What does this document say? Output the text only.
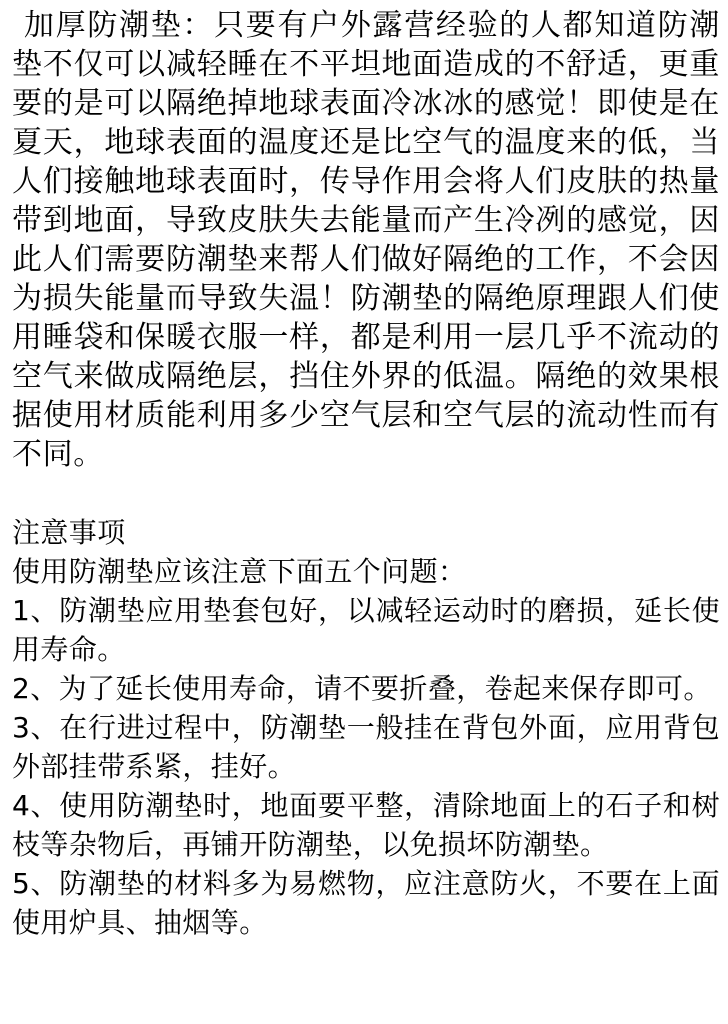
加厚防潮垫：只要有户外露营经验的人都知道防潮垫不仅可以减轻睡在不平坦地面造成的不舒适，更重要的是可以隔绝掉地球表面冷冰冰的感觉！即使是在夏天，地球表面的温度还是比空气的温度来的低，当人们接触地球表面时，传导作用会将人们皮肤的热量带到地面，导致皮肤失去能量而产生冷冽的感觉，因此人们需要防潮垫来帮人们做好隔绝的工作，不会因为损失能量而导致失温！防潮垫的隔绝原理跟人们使用睡袋和保暖衣服一样，都是利用一层几乎不流动的空气来做成隔绝层，挡住外界的低温。隔绝的效果根据使用材质能利用多少空气层和空气层的流动性而有不同。

注意事项

使用防潮垫应该注意下面五个问题：

1、防潮垫应用垫套包好，以减轻运动时的磨损，延长使用寿命。

2、为了延长使用寿命，请不要折叠，卷起来保存即可。

3、在行进过程中，防潮垫一般挂在背包外面，应用背包外部挂带系紧，挂好。

4、使用防潮垫时，地面要平整，清除地面上的石子和树枝等杂物后，再铺开防潮垫，以免损坏防潮垫。

5、防潮垫的材料多为易燃物，应注意防火，不要在上面使用炉具、抽烟等。
